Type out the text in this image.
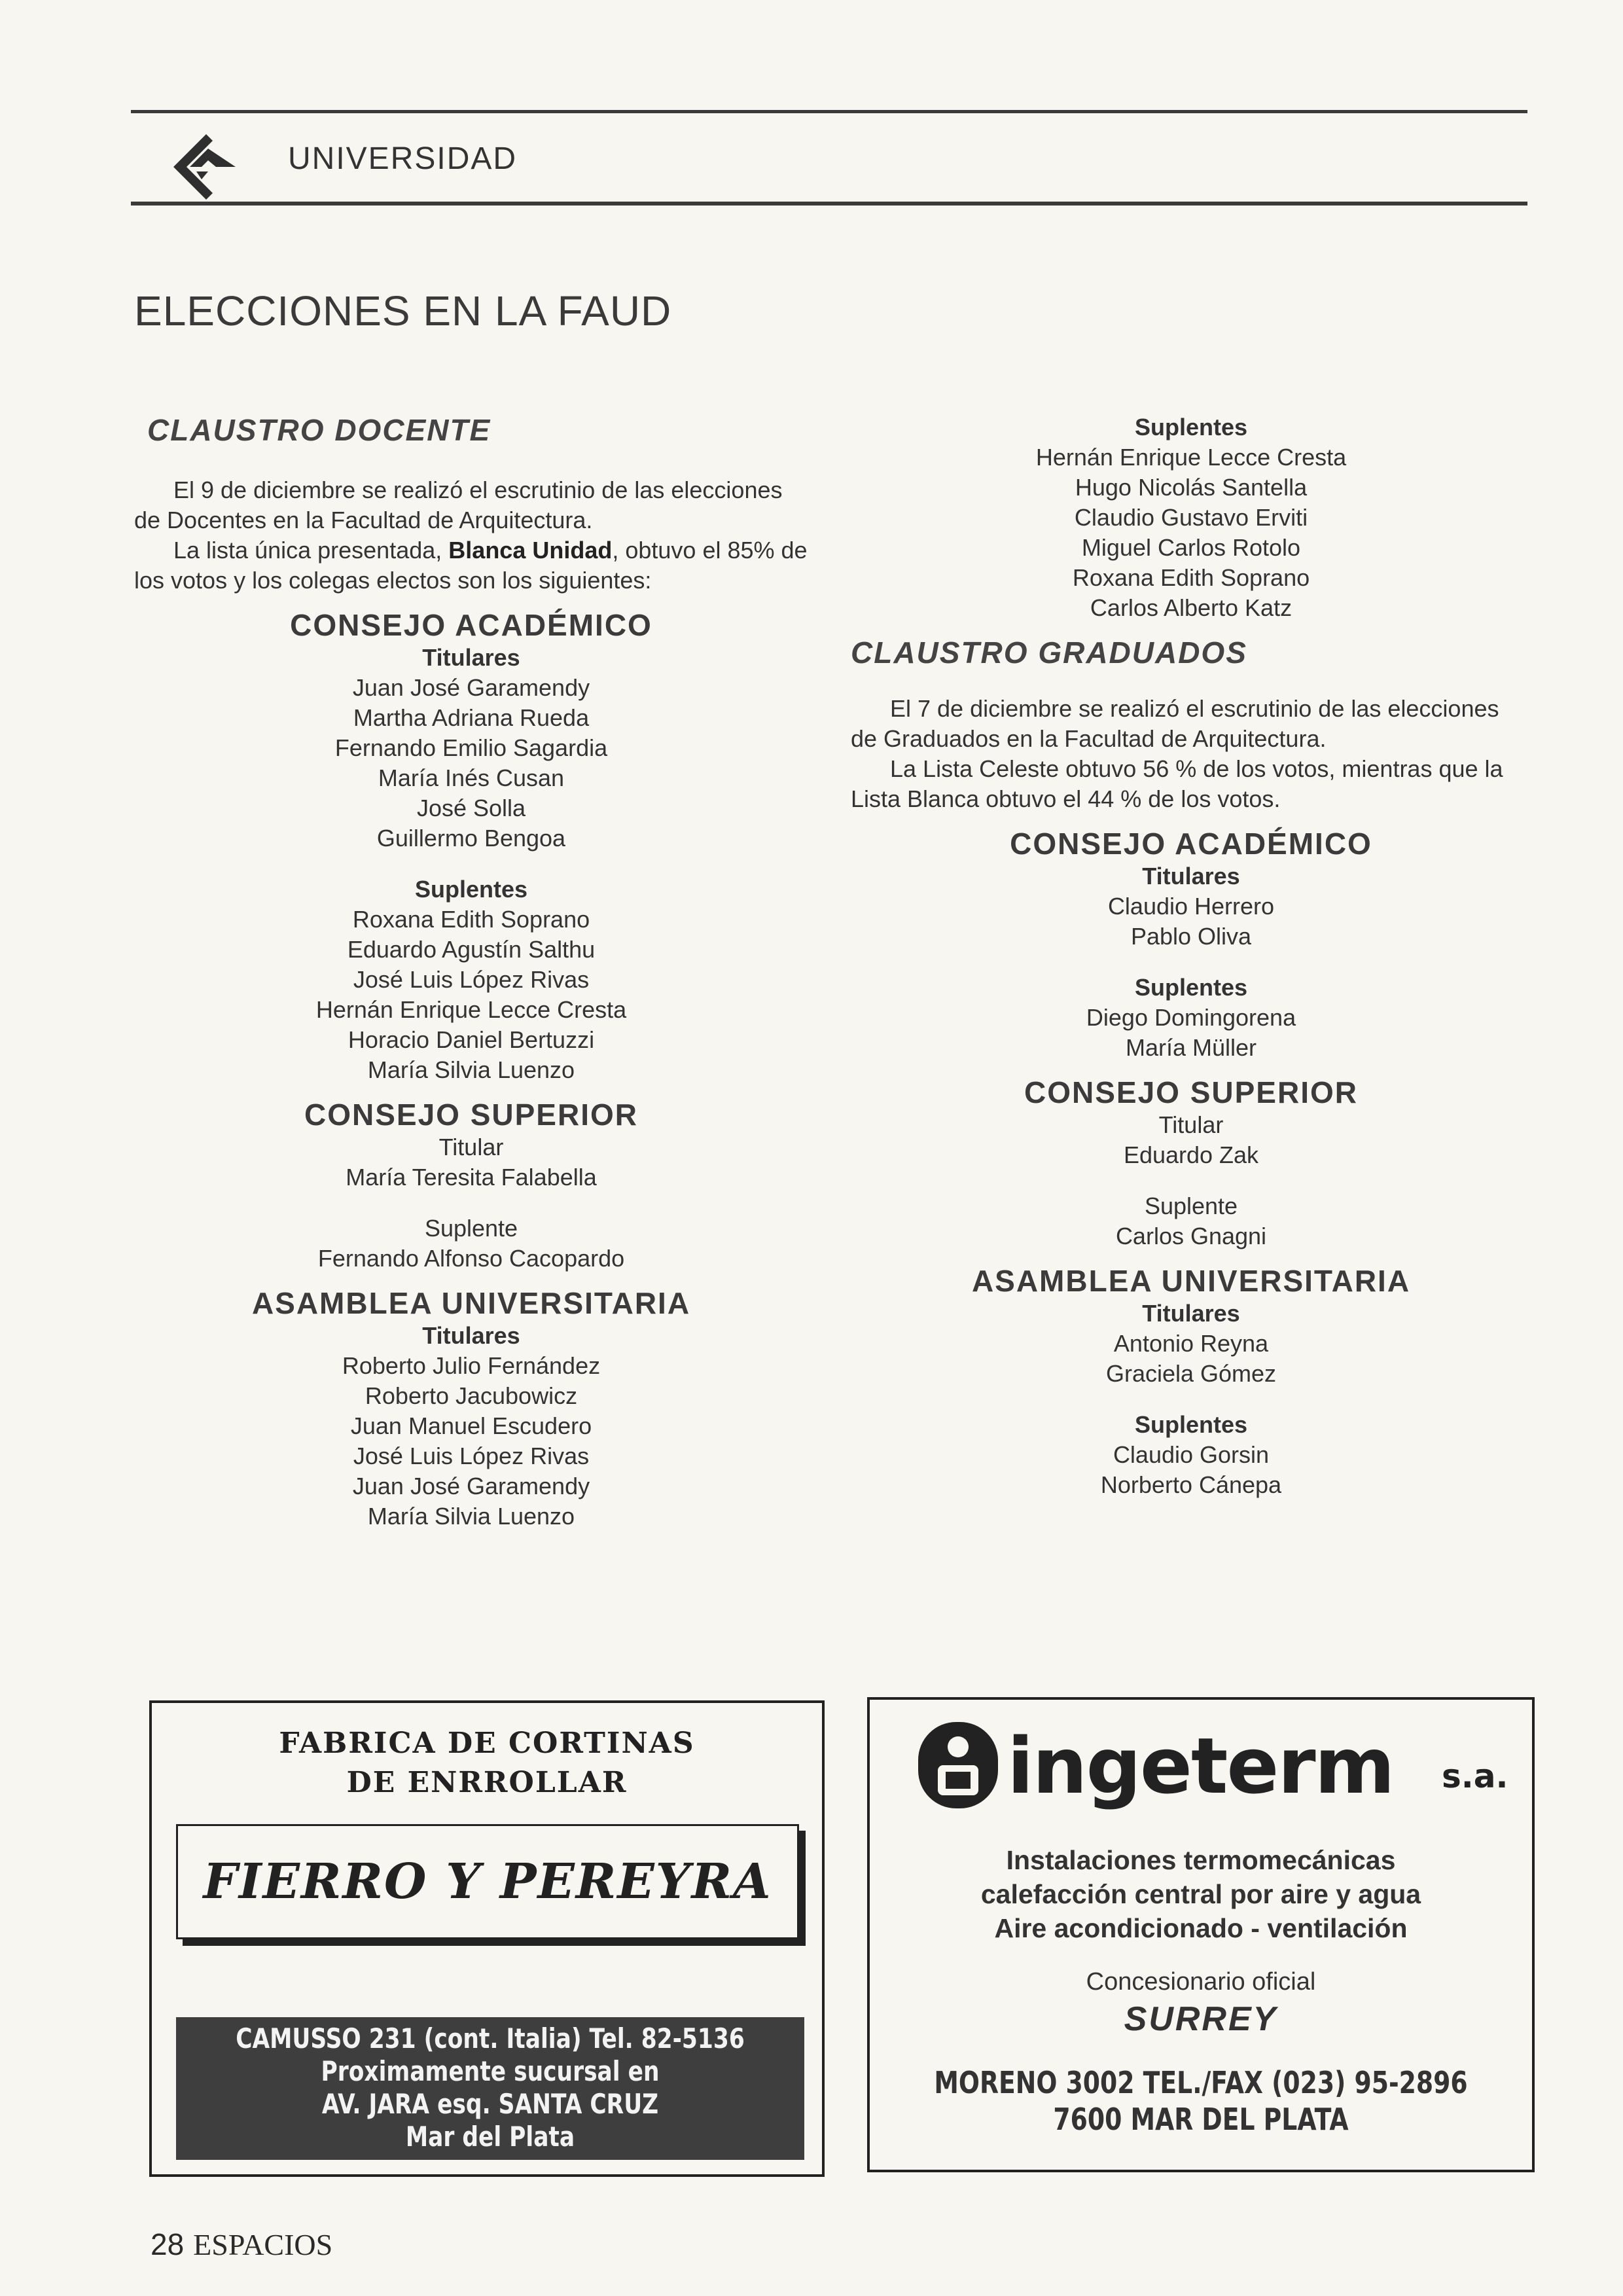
UNIVERSIDAD
ELECCIONES EN LA FAUD

CLAUSTRO DOCENTE

El 9 de diciembre se realizó el escrutinio de las elecciones de Docentes en la Facultad de Arquitectura.

La lista única presentada, Blanca Unidad, obtuvo el 85% de los votos y los colegas electos son los siguientes:

CONSEJO ACADÉMICO

Titulares

Juan José Garamendy

Martha Adriana Rueda

Fernando Emilio Sagardia

María Inés Cusan

José Solla

Guillermo Bengoa

Suplentes

Roxana Edith Soprano

Eduardo Agustín Salthu

José Luis López Rivas

Hernán Enrique Lecce Cresta

Horacio Daniel Bertuzzi

María Silvia Luenzo

CONSEJO SUPERIOR

Titular

María Teresita Falabella

Suplente

Fernando Alfonso Cacopardo

ASAMBLEA UNIVERSITARIA

Titulares

Roberto Julio Fernández

Roberto Jacubowicz

Juan Manuel Escudero

José Luis López Rivas

Juan José Garamendy

María Silvia Luenzo

Suplentes

Hernán Enrique Lecce Cresta

Hugo Nicolás Santella

Claudio Gustavo Erviti

Miguel Carlos Rotolo

Roxana Edith Soprano

Carlos Alberto Katz

CLAUSTRO GRADUADOS

El 7 de diciembre se realizó el escrutinio de las elecciones de Graduados en la Facultad de Arquitectura.

La Lista Celeste obtuvo 56 % de los votos, mientras que la Lista Blanca obtuvo el 44 % de los votos.

CONSEJO ACADÉMICO

Titulares

Claudio Herrero

Pablo Oliva

Suplentes

Diego Domingorena

María Müller

CONSEJO SUPERIOR

Titular

Eduardo Zak

Suplente

Carlos Gnagni

ASAMBLEA UNIVERSITARIA

Titulares

Antonio Reyna

Graciela Gómez

Suplentes

Claudio Gorsin

Norberto Cánepa

FABRICA DE CORTINAS
DE ENRROLLAR
FIERRO Y PEREYRA
CAMUSSO 231 (cont. Italia) Tel. 82-5136
Proximamente sucursal en
AV. JARA esq. SANTA CRUZ
Mar del Plata
ingeterm s.a.
Instalaciones termomecánicas
calefacción central por aire y agua
Aire acondicionado - ventilación
Concesionario oficial
SURREY
MORENO 3002 TEL./FAX (023) 95-2896
7600 MAR DEL PLATA
28 ESPACIOS
